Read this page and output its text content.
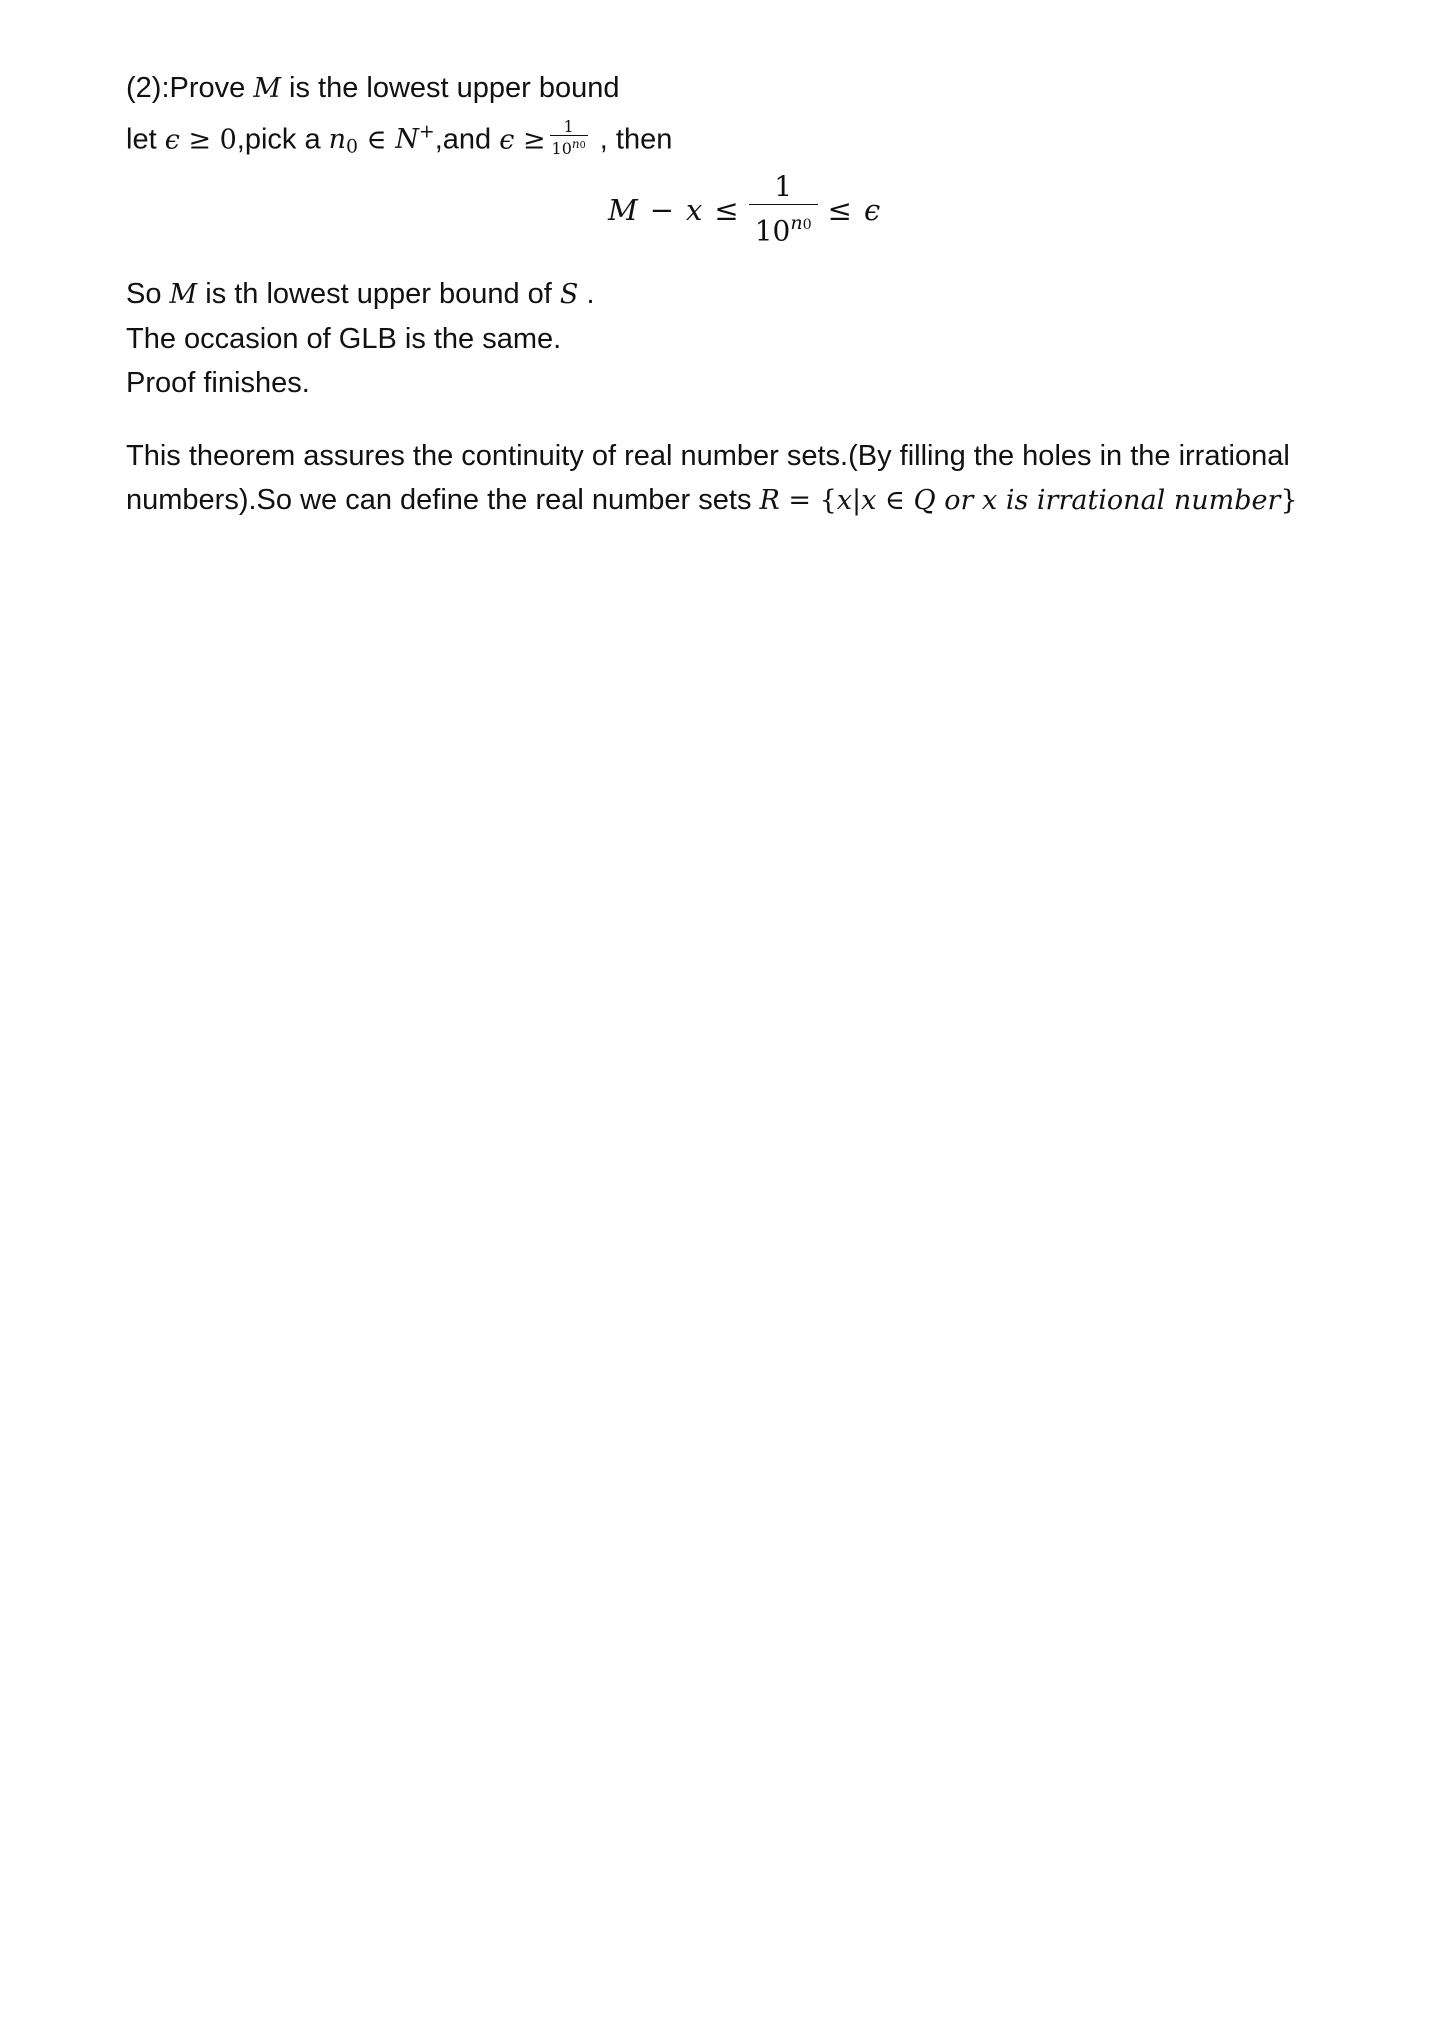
(2):Prove M is the lowest upper bound
let ϵ ≥ 0,pick a $n_0$ ∈ N+,and $\epsilon \ge \frac{1}{10^{n0}}$ , then
$M - x \le \frac{1}{10^{n0}} \le \epsilon$
So M is th lowest upper bound of S .
The occasion of GLB is the same.
Proof finishes.
This theorem assures the continuity of real number sets.(By filling the holes in the irrational
numbers).So we can define the real number sets R = {x|x ∈ Q or x is irrational number}
